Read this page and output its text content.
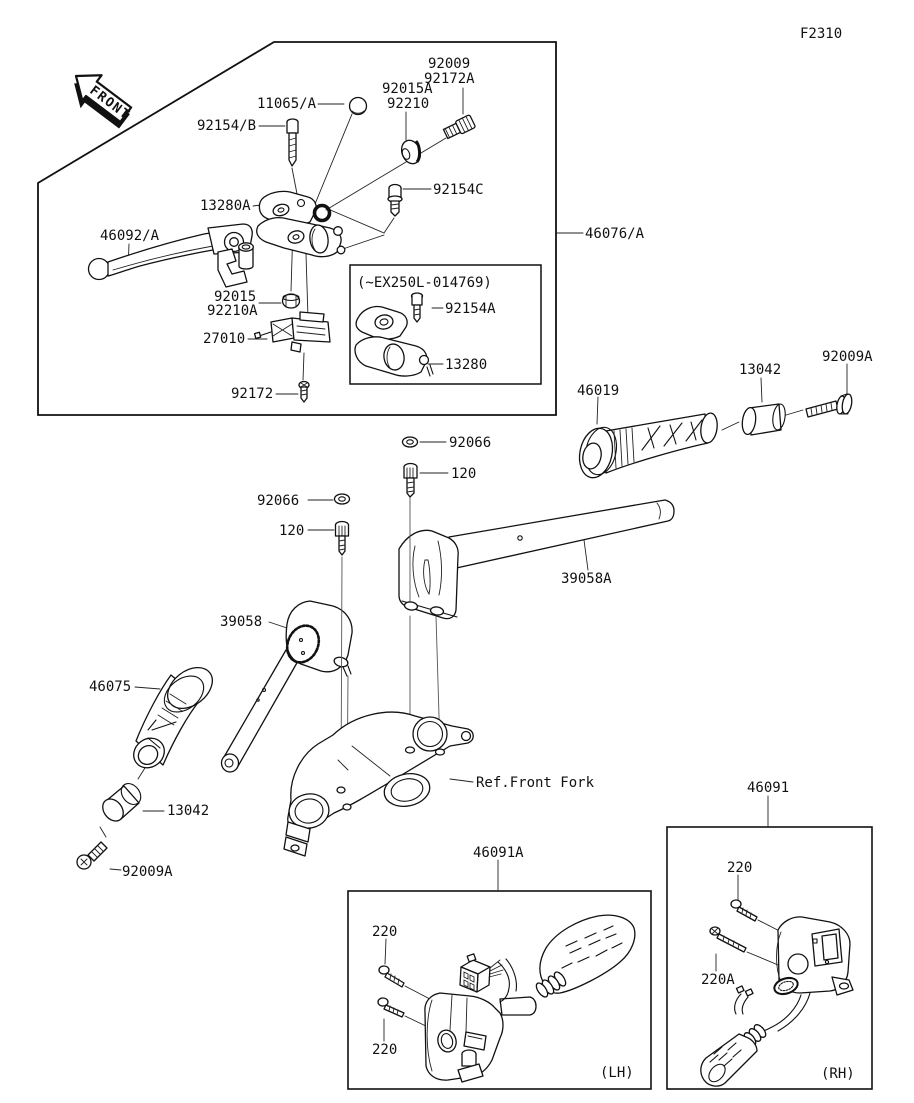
FRONT
F2310
92009
92172A
92015A
92210
11065/A
92154/B
92154C
13280A
46092/A
92015
92210A
27010
92172
(~EX250L-014769)
92154A
13280
46076/A
46019
13042
92009A
92066
120
92066
120
39058A
39058
46075
13042
92009A
Ref.Front Fork
46091A
46091
220
220
(LH)
220
220A
(RH)
